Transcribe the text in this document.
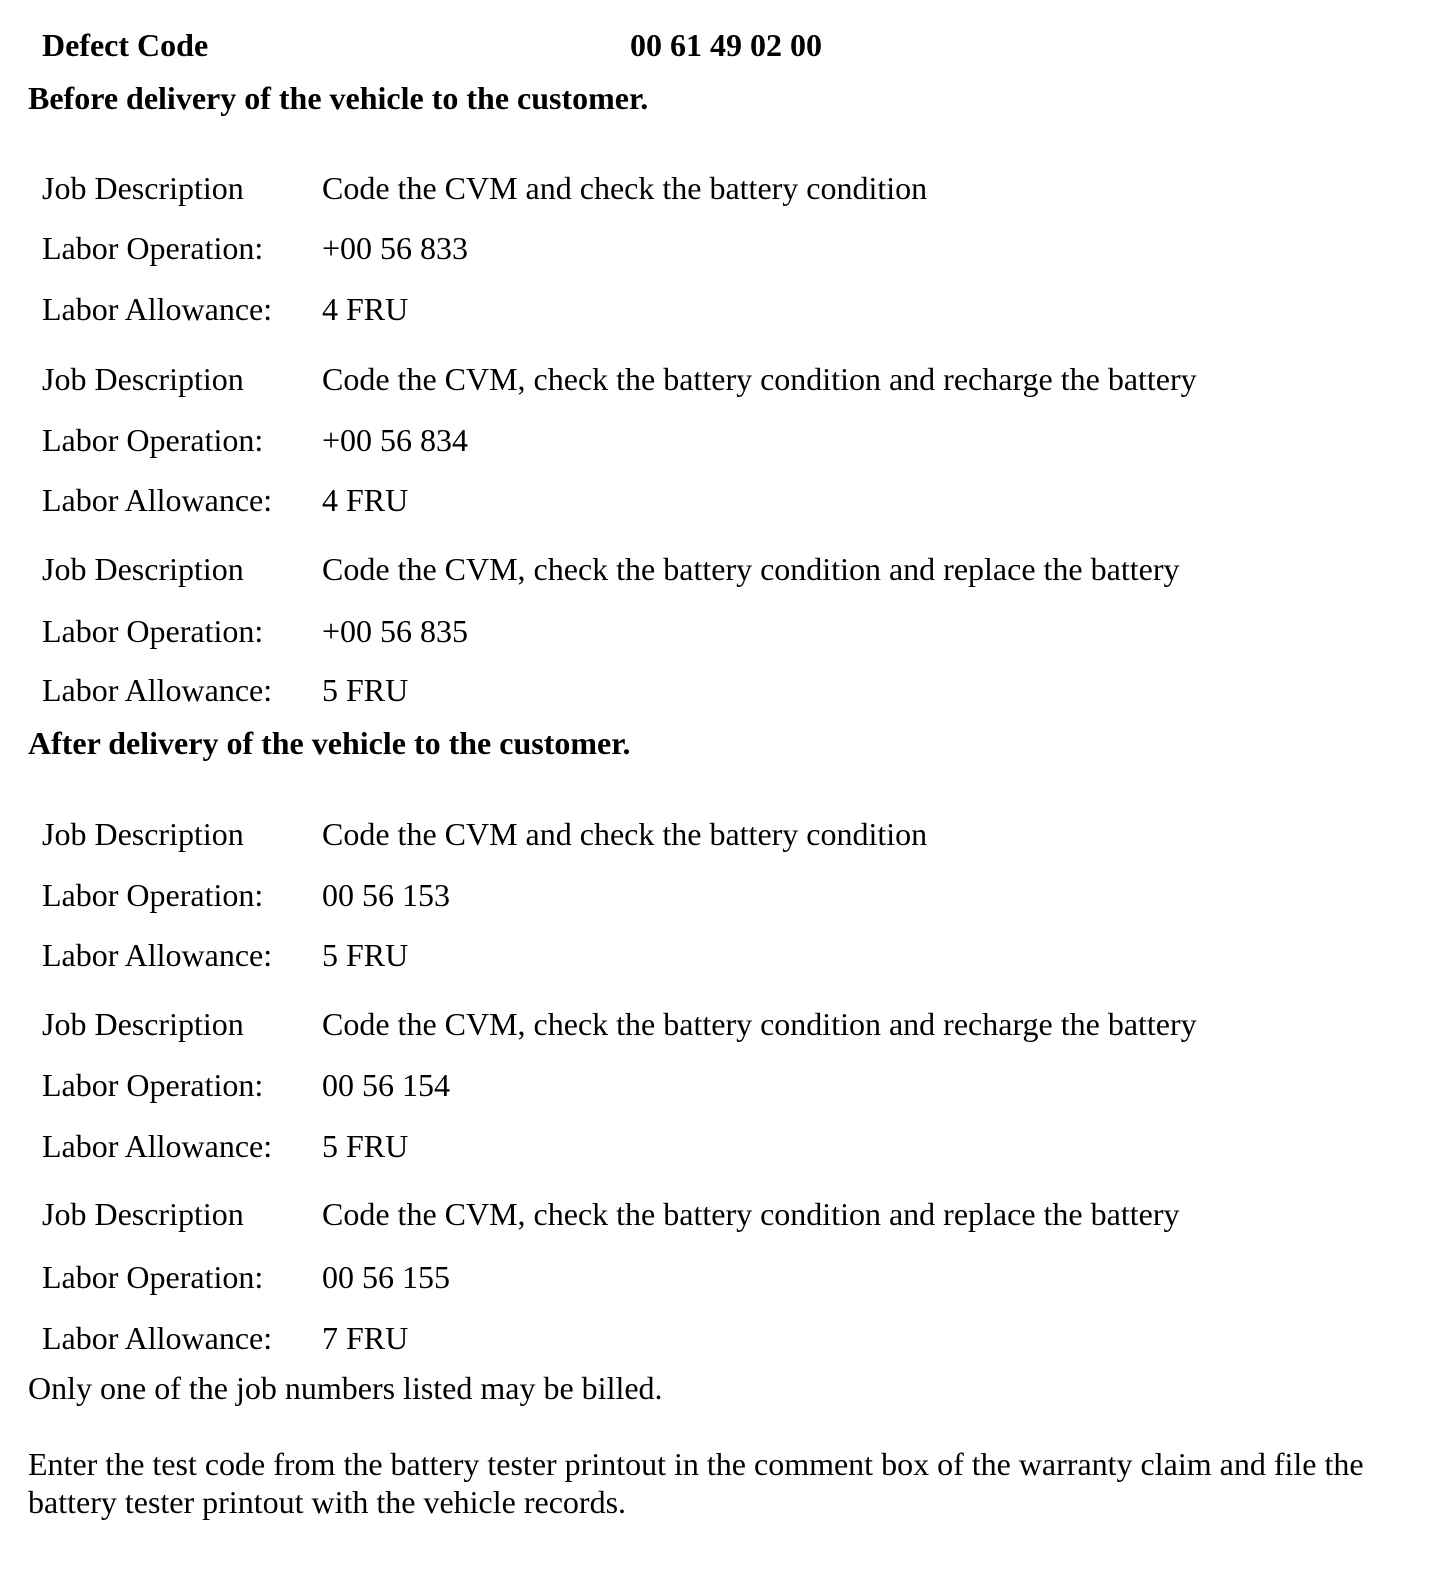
Defect Code	00 61 49 02 00
Before delivery of the vehicle to the customer.
Job Description Code the CVM and check the battery condition
Labor Operation: +00 56 833
Labor Allowance: 4 FRU
Job Description Code the CVM, check the battery condition and recharge the battery
Labor Operation: +00 56 834
Labor Allowance: 4 FRU
Job Description Code the CVM, check the battery condition and replace the battery
Labor Operation: +00 56 835
Labor Allowance: 5 FRU
After delivery of the vehicle to the customer.
Job Description Code the CVM and check the battery condition
Labor Operation: 00 56 153
Labor Allowance: 5 FRU
Job Description Code the CVM, check the battery condition and recharge the battery
Labor Operation: 00 56 154
Labor Allowance: 5 FRU
Job Description Code the CVM, check the battery condition and replace the battery
Labor Operation: 00 56 155
Labor Allowance: 7 FRU
Only one of the job numbers listed may be billed.
Enter the test code from the battery tester printout in the comment box of the warranty claim and file the battery tester printout with the vehicle records.
